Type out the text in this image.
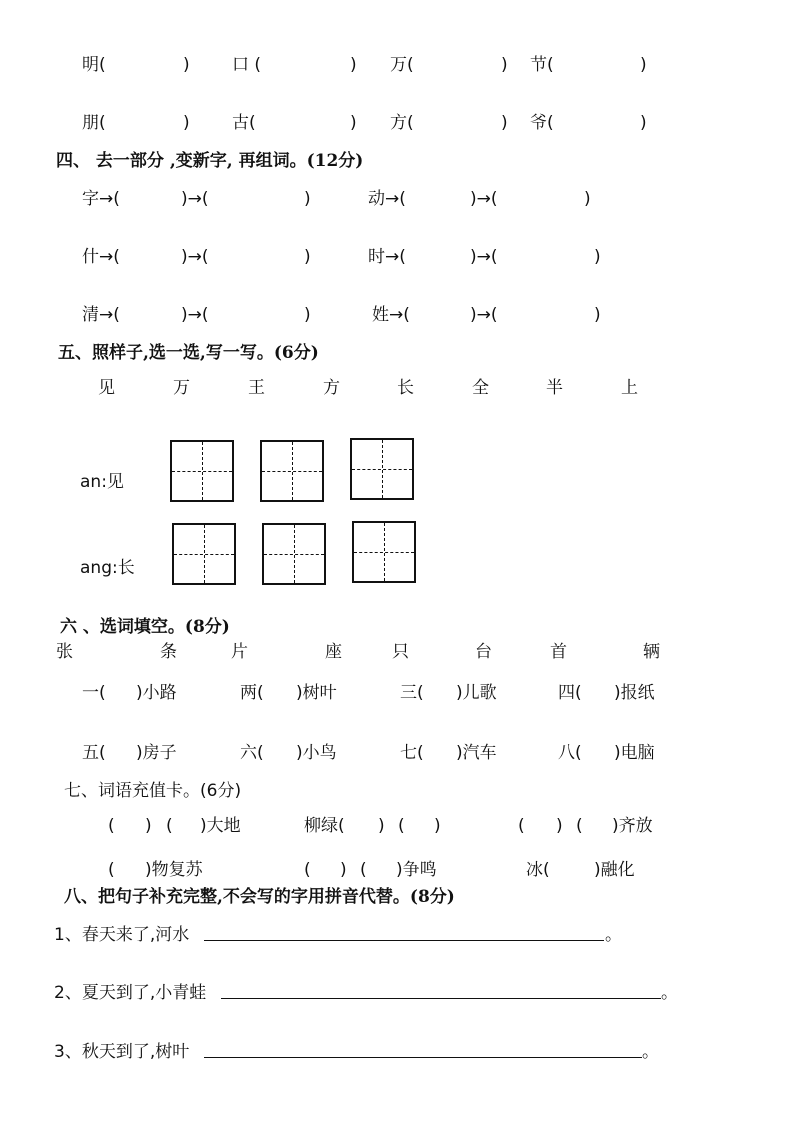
明(	) 口 (	) 万(	) 节(	)
朋(	) 古(	) 方(	) 爷(	)
四、 去一部分 ,变新字, 再组词。(12分)
字→(	)→(	)	动→(	)→(	)
什→(	)→(	)	时→(	)→(	)
清→(	)→(	)	姓→(	)→(	)
五、照样子,选一选,写一写。(6分)
见	万	王	方	长	全	半	上
an:见
ang:长
六 、选词填空。(8分)
张	条	片	座	只	台	首	辆
一( )小路	两( )树叶	三( )儿歌	四( )报纸
五( )房子	六( )小鸟	七( )汽车	八( )电脑
七、词语充值卡。(6分)
( ) ( )大地	柳绿( ) ( )	( ) ( )齐放
( )物复苏	( ) ( )争鸣	冰(	)融化
八、把句子补充完整,不会写的字用拼音代替。(8分)
1、春天来了,河水	。
2、夏天到了,小青蛙	。
3、秋天到了,树叶	。
